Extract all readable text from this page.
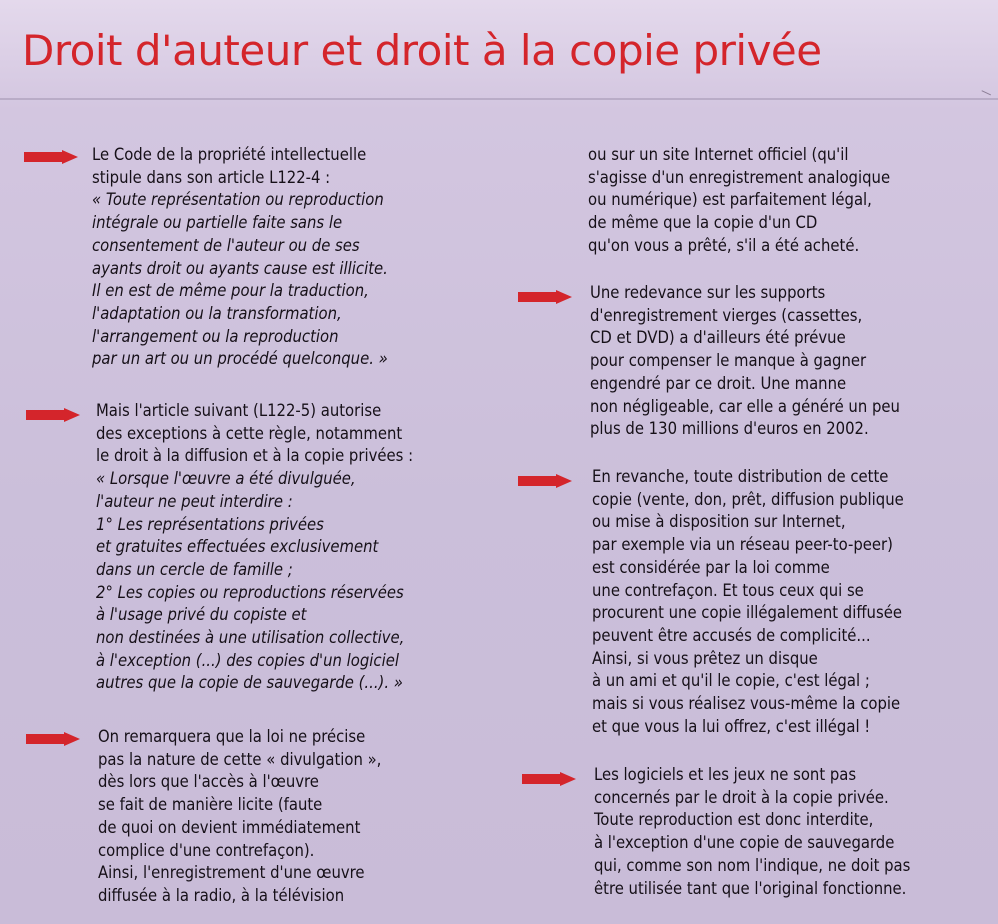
Droit d'auteur et droit à la copie privée
Le Code de la propriété intellectuelle
stipule dans son article L122-4 :
« Toute représentation ou reproduction
intégrale ou partielle faite sans le
consentement de l'auteur ou de ses
ayants droit ou ayants cause est illicite.
Il en est de même pour la traduction,
l'adaptation ou la transformation,
l'arrangement ou la reproduction
par un art ou un procédé quelconque. »
Mais l'article suivant (L122-5) autorise
des exceptions à cette règle, notamment
le droit à la diffusion et à la copie privées :
« Lorsque l'œuvre a été divulguée,
l'auteur ne peut interdire :
1° Les représentations privées
et gratuites effectuées exclusivement
dans un cercle de famille ;
2° Les copies ou reproductions réservées
à l'usage privé du copiste et
non destinées à une utilisation collective,
à l'exception (...) des copies d'un logiciel
autres que la copie de sauvegarde (...). »
On remarquera que la loi ne précise
pas la nature de cette « divulgation »,
dès lors que l'accès à l'œuvre
se fait de manière licite (faute
de quoi on devient immédiatement
complice d'une contrefaçon).
Ainsi, l'enregistrement d'une œuvre
diffusée à la radio, à la télévision
ou sur un site Internet officiel (qu'il
s'agisse d'un enregistrement analogique
ou numérique) est parfaitement légal,
de même que la copie d'un CD
qu'on vous a prêté, s'il a été acheté.
Une redevance sur les supports
d'enregistrement vierges (cassettes,
CD et DVD) a d'ailleurs été prévue
pour compenser le manque à gagner
engendré par ce droit. Une manne
non négligeable, car elle a généré un peu
plus de 130 millions d'euros en 2002.
En revanche, toute distribution de cette
copie (vente, don, prêt, diffusion publique
ou mise à disposition sur Internet,
par exemple via un réseau peer-to-peer)
est considérée par la loi comme
une contrefaçon. Et tous ceux qui se
procurent une copie illégalement diffusée
peuvent être accusés de complicité...
Ainsi, si vous prêtez un disque
à un ami et qu'il le copie, c'est légal ;
mais si vous réalisez vous-même la copie
et que vous la lui offrez, c'est illégal !
Les logiciels et les jeux ne sont pas
concernés par le droit à la copie privée.
Toute reproduction est donc interdite,
à l'exception d'une copie de sauvegarde
qui, comme son nom l'indique, ne doit pas
être utilisée tant que l'original fonctionne.
